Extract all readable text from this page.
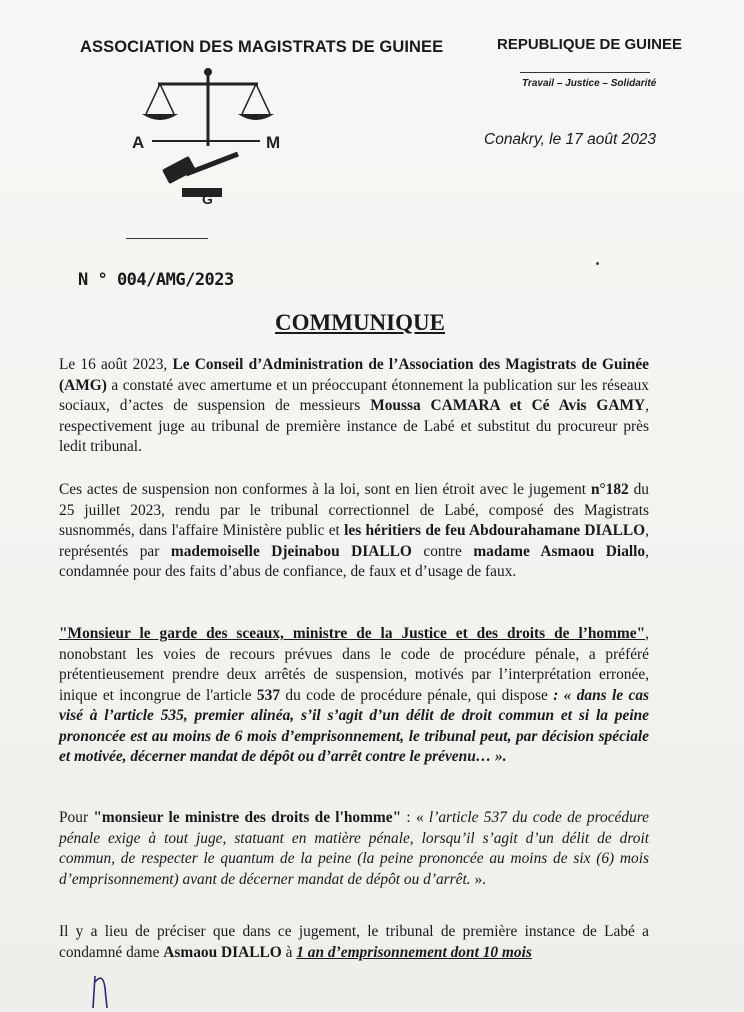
ASSOCIATION DES MAGISTRATS DE GUINEE	REPUBLIQUE DE GUINEE
Travail – Justice – Solidarité
Conakry, le 17 août 2023
A	M
G
N ° 004/AMG/2023
COMMUNIQUE
Le 16 août 2023, Le Conseil d’Administration de l’Association des Magistrats de Guinée (AMG) a constaté avec amertume et un préoccupant étonnement la publication sur les réseaux sociaux, d’actes de suspension de messieurs Moussa CAMARA et Cé Avis GAMY, respectivement juge au tribunal de première instance de Labé et substitut du procureur près ledit tribunal.
Ces actes de suspension non conformes à la loi, sont en lien étroit avec le jugement n°182 du 25 juillet 2023, rendu par le tribunal correctionnel de Labé, composé des Magistrats susnommés, dans l'affaire Ministère public et les héritiers de feu Abdourahamane DIALLO, représentés par mademoiselle Djeinabou DIALLO contre madame Asmaou Diallo, condamnée pour des faits d’abus de confiance, de faux et d’usage de faux.
"Monsieur le garde des sceaux, ministre de la Justice et des droits de l’homme", nonobstant les voies de recours prévues dans le code de procédure pénale, a préféré prétentieusement prendre deux arrêtés de suspension, motivés par l’interprétation erronée, inique et incongrue de l'article 537 du code de procédure pénale, qui dispose : « dans le cas visé à l’article 535, premier alinéa, s’il s’agit d’un délit de droit commun et si la peine prononcée est au moins de 6 mois d’emprisonnement, le tribunal peut, par décision spéciale et motivée, décerner mandat de dépôt ou d’arrêt contre le prévenu… ».
Pour "monsieur le ministre des droits de l'homme" : « l’article 537 du code de procédure pénale exige à tout juge, statuant en matière pénale, lorsqu’il s’agit d’un délit de droit commun, de respecter le quantum de la peine (la peine prononcée au moins de six (6) mois d’emprisonnement) avant de décerner mandat de dépôt ou d’arrêt. ».
Il y a lieu de préciser que dans ce jugement, le tribunal de première instance de Labé a condamné dame Asmaou DIALLO à 1 an d’emprisonnement dont 10 mois
